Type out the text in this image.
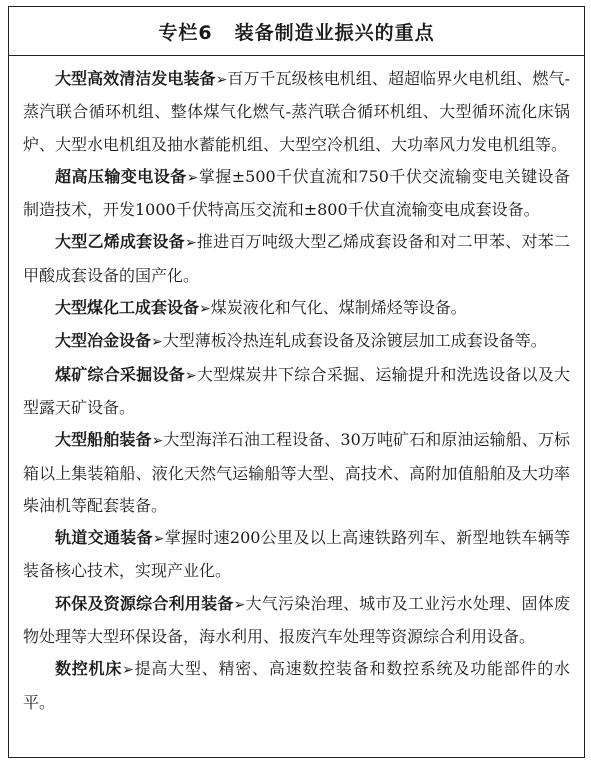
专栏6 装备制造业振兴的重点

大型高效清洁发电装备➢百万千瓦级核电机组、超超临界火电机组、燃气-蒸汽联合循环机组、整体煤气化燃气-蒸汽联合循环机组、大型循环流化床锅炉、大型水电机组及抽水蓄能机组、大型空冷机组、大功率风力发电机组等。

超高压输变电设备➢掌握±500千伏直流和750千伏交流输变电关键设备制造技术，开发1000千伏特高压交流和±800千伏直流输变电成套设备。

大型乙烯成套设备➢推进百万吨级大型乙烯成套设备和对二甲苯、对苯二甲酸成套设备的国产化。

大型煤化工成套设备➢煤炭液化和气化、煤制烯烃等设备。

大型冶金设备➢大型薄板冷热连轧成套设备及涂镀层加工成套设备等。

煤矿综合采掘设备➢大型煤炭井下综合采掘、运输提升和洗选设备以及大型露天矿设备。

大型船舶装备➢大型海洋石油工程设备、30万吨矿石和原油运输船、万标箱以上集装箱船、液化天然气运输船等大型、高技术、高附加值船舶及大功率柴油机等配套装备。

轨道交通装备➢掌握时速200公里及以上高速铁路列车、新型地铁车辆等装备核心技术，实现产业化。

环保及资源综合利用装备➢大气污染治理、城市及工业污水处理、固体废物处理等大型环保设备，海水利用、报废汽车处理等资源综合利用设备。

数控机床➢提高大型、精密、高速数控装备和数控系统及功能部件的水平。
